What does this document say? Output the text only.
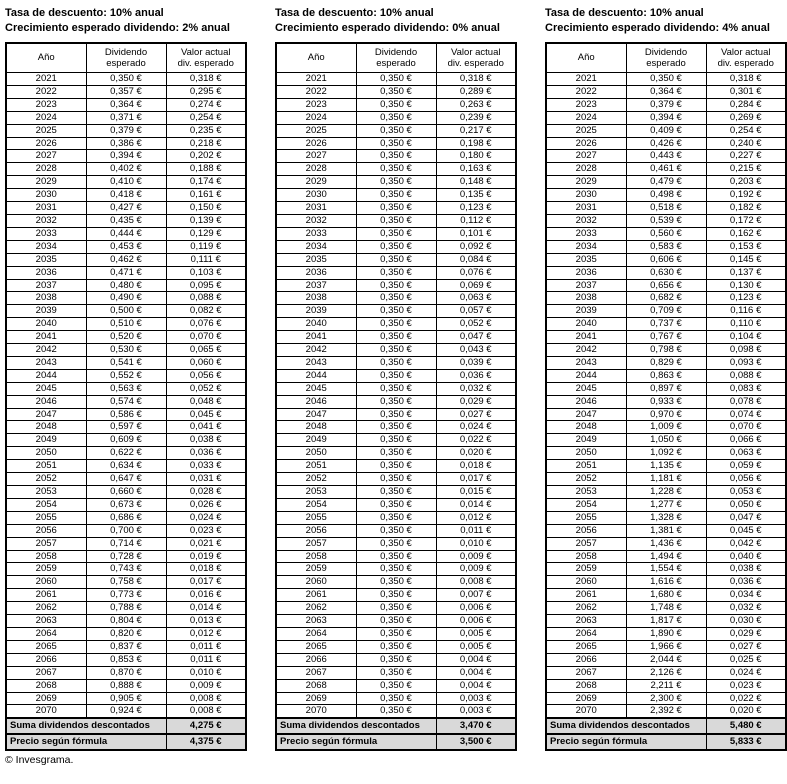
Tasa de descuento: 10% anual
Crecimiento esperado dividendo: 2% anual
Año

Dividendo
esperado

Valor actual
div. esperado

2021	0,350 €	0,318 €
2022	0,357 €	0,295 €
2023	0,364 €	0,274 €
2024	0,371 €	0,254 €
2025	0,379 €	0,235 €
2026	0,386 €	0,218 €
2027	0,394 €	0,202 €
2028	0,402 €	0,188 €
2029	0,410 €	0,174 €
2030	0,418 €	0,161 €
2031	0,427 €	0,150 €
2032	0,435 €	0,139 €
2033	0,444 €	0,129 €
2034	0,453 €	0,119 €
2035	0,462 €	0,111 €
2036	0,471 €	0,103 €
2037	0,480 €	0,095 €
2038	0,490 €	0,088 €
2039	0,500 €	0,082 €
2040	0,510 €	0,076 €
2041	0,520 €	0,070 €
2042	0,530 €	0,065 €
2043	0,541 €	0,060 €
2044	0,552 €	0,056 €
2045	0,563 €	0,052 €
2046	0,574 €	0,048 €
2047	0,586 €	0,045 €
2048	0,597 €	0,041 €
2049	0,609 €	0,038 €
2050	0,622 €	0,036 €
2051	0,634 €	0,033 €
2052	0,647 €	0,031 €
2053	0,660 €	0,028 €
2054	0,673 €	0,026 €
2055	0,686 €	0,024 €
2056	0,700 €	0,023 €
2057	0,714 €	0,021 €
2058	0,728 €	0,019 €
2059	0,743 €	0,018 €
2060	0,758 €	0,017 €
2061	0,773 €	0,016 €
2062	0,788 €	0,014 €
2063	0,804 €	0,013 €
2064	0,820 €	0,012 €
2065	0,837 €	0,011 €
2066	0,853 €	0,011 €
2067	0,870 €	0,010 €
2068	0,888 €	0,009 €
2069	0,905 €	0,008 €
2070	0,924 €	0,008 €
Suma dividendos descontados		4,275 €
Precio según fórmula		4,375 €
Tasa de descuento: 10% anual
Crecimiento esperado dividendo: 0% anual
Año

Dividendo
esperado

Valor actual
div. esperado

2021	0,350 €	0,318 €
2022	0,350 €	0,289 €
2023	0,350 €	0,263 €
2024	0,350 €	0,239 €
2025	0,350 €	0,217 €
2026	0,350 €	0,198 €
2027	0,350 €	0,180 €
2028	0,350 €	0,163 €
2029	0,350 €	0,148 €
2030	0,350 €	0,135 €
2031	0,350 €	0,123 €
2032	0,350 €	0,112 €
2033	0,350 €	0,101 €
2034	0,350 €	0,092 €
2035	0,350 €	0,084 €
2036	0,350 €	0,076 €
2037	0,350 €	0,069 €
2038	0,350 €	0,063 €
2039	0,350 €	0,057 €
2040	0,350 €	0,052 €
2041	0,350 €	0,047 €
2042	0,350 €	0,043 €
2043	0,350 €	0,039 €
2044	0,350 €	0,036 €
2045	0,350 €	0,032 €
2046	0,350 €	0,029 €
2047	0,350 €	0,027 €
2048	0,350 €	0,024 €
2049	0,350 €	0,022 €
2050	0,350 €	0,020 €
2051	0,350 €	0,018 €
2052	0,350 €	0,017 €
2053	0,350 €	0,015 €
2054	0,350 €	0,014 €
2055	0,350 €	0,012 €
2056	0,350 €	0,011 €
2057	0,350 €	0,010 €
2058	0,350 €	0,009 €
2059	0,350 €	0,009 €
2060	0,350 €	0,008 €
2061	0,350 €	0,007 €
2062	0,350 €	0,006 €
2063	0,350 €	0,006 €
2064	0,350 €	0,005 €
2065	0,350 €	0,005 €
2066	0,350 €	0,004 €
2067	0,350 €	0,004 €
2068	0,350 €	0,004 €
2069	0,350 €	0,003 €
2070	0,350 €	0,003 €
Suma dividendos descontados		3,470 €
Precio según fórmula		3,500 €
Tasa de descuento: 10% anual
Crecimiento esperado dividendo: 4% anual
Año

Dividendo
esperado

Valor actual
div. esperado

2021	0,350 €	0,318 €
2022	0,364 €	0,301 €
2023	0,379 €	0,284 €
2024	0,394 €	0,269 €
2025	0,409 €	0,254 €
2026	0,426 €	0,240 €
2027	0,443 €	0,227 €
2028	0,461 €	0,215 €
2029	0,479 €	0,203 €
2030	0,498 €	0,192 €
2031	0,518 €	0,182 €
2032	0,539 €	0,172 €
2033	0,560 €	0,162 €
2034	0,583 €	0,153 €
2035	0,606 €	0,145 €
2036	0,630 €	0,137 €
2037	0,656 €	0,130 €
2038	0,682 €	0,123 €
2039	0,709 €	0,116 €
2040	0,737 €	0,110 €
2041	0,767 €	0,104 €
2042	0,798 €	0,098 €
2043	0,829 €	0,093 €
2044	0,863 €	0,088 €
2045	0,897 €	0,083 €
2046	0,933 €	0,078 €
2047	0,970 €	0,074 €
2048	1,009 €	0,070 €
2049	1,050 €	0,066 €
2050	1,092 €	0,063 €
2051	1,135 €	0,059 €
2052	1,181 €	0,056 €
2053	1,228 €	0,053 €
2054	1,277 €	0,050 €
2055	1,328 €	0,047 €
2056	1,381 €	0,045 €
2057	1,436 €	0,042 €
2058	1,494 €	0,040 €
2059	1,554 €	0,038 €
2060	1,616 €	0,036 €
2061	1,680 €	0,034 €
2062	1,748 €	0,032 €
2063	1,817 €	0,030 €
2064	1,890 €	0,029 €
2065	1,966 €	0,027 €
2066	2,044 €	0,025 €
2067	2,126 €	0,024 €
2068	2,211 €	0,023 €
2069	2,300 €	0,022 €
2070	2,392 €	0,020 €
Suma dividendos descontados		5,480 €
Precio según fórmula		5,833 €
© Invesgrama.
